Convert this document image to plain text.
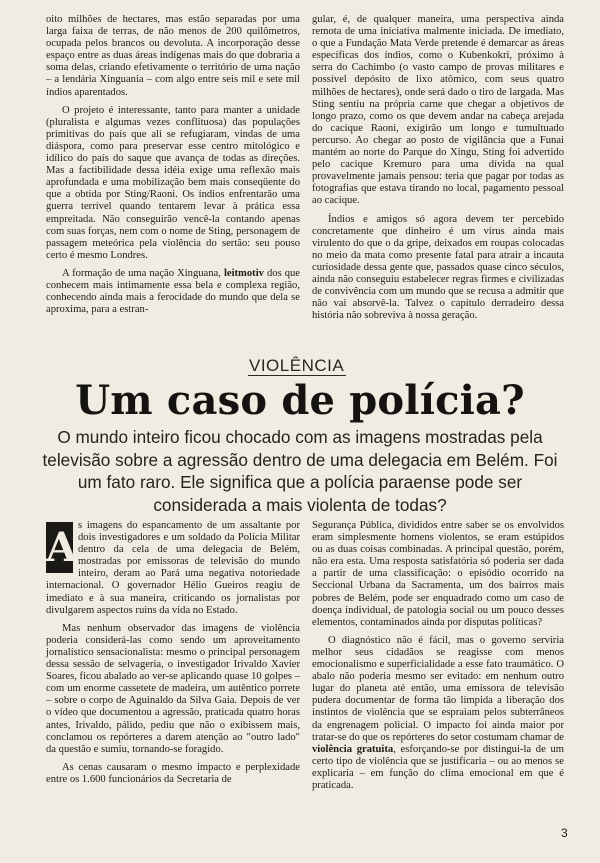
oito milhões de hectares, mas estão separadas por uma larga faixa de terras, de não menos de 200 quilômetros, ocupada pelos brancos ou devoluta. A incorporação desse espaço entre as duas áreas indígenas mais do que dobraria a soma delas, criando efetivamente o território de uma nação – a lendária Xinguania – com algo entre seis mil e sete mil índios aparentados.

O projeto é interessante, tanto para manter a unidade (pluralista e algumas vezes conflituosa) das populações primitivas do país que ali se refugiaram, vindas de uma diáspora, como para preservar esse centro mitológico e idílico do país do saque que avança de todas as direções. Mas a factibilidade dessa idéia exige uma reflexão mais aprofundada e uma mobilização bem mais conseqüente do que a obtida por Sting/Raoni. Os índios enfrentarão uma guerra terrível quando tentarem levar à prática essa empreitada. Não conseguirão vencê-la contando apenas com suas forças, nem com o nome de Sting, personagem de passagem meteórica pela violência do sertão: seu pouso certo é mesmo Londres.

A formação de uma nação Xinguana, leitmotiv dos que conhecem mais intimamente essa bela e complexa região, conhecendo ainda mais a ferocidade do mundo que dela se aproxima, para a estran-

gular, é, de qualquer maneira, uma perspectiva ainda remota de uma iniciativa malmente iniciada. De imediato, o que a Fundação Mata Verde pretende é demarcar as áreas específicas dos índios, como o Kubenkokri, próximo à serra do Cachimbo (o vasto campo de provas militares e possível depósito de lixo atômico, com seus quatro milhões de hectares), onde será dado o tiro de largada. Mas Sting sentiu na própria carne que chegar a objetivos de longo prazo, como os que devem andar na cabeça arejada do cacique Raoni, exigirão um longo e tumultuado percurso. Ao chegar ao posto de vigilância que a Funai mantém ao norte do Parque do Xingu, Sting foi advertido pelo cacique Kremuro para uma dívida na qual provavelmente jamais pensou: teria que pagar por todas as fotografias que estava tirando no local, pagamento pessoal ao cacique.

Índios e amigos só agora devem ter percebido concretamente que dinheiro é um vírus ainda mais virulento do que o da gripe, deixados em roupas colocadas no meio da mata como presente fatal para atrair a incauta curiosidade dessa gente que, passados quase cinco séculos, ainda não conseguiu estabelecer regras firmes e civilizadas de convivência com um mundo que se recusa a admitir que não vai absorvê-la. Talvez o capítulo derradeiro dessa história não sobreviva à nossa geração.

VIOLÊNCIA
Um caso de polícia?

O mundo inteiro ficou chocado com as imagens mostradas pela televisão sobre a agressão dentro de uma delegacia em Belém. Foi um fato raro. Ele significa que a polícia paraense pode ser considerada a mais violenta de todas?

A s imagens do espancamento de um assaltante por dois investigadores e um soldado da Polícia Militar dentro da cela de uma delegacia de Belém, mostradas por emissoras de televisão do mundo inteiro, deram ao Pará uma negativa notoriedade internacional. O governador Hélio Gueiros reagiu de imediato e à sua maneira, criticando os jornalistas por divulgarem aspectos ruins da vida no Estado.

Mas nenhum observador das imagens de violência poderia considerá-las como sendo um aproveitamento jornalístico sensacionalista: mesmo o principal personagem dessa sessão de selvageria, o investigador Irivaldo Xavier Soares, ficou abalado ao ver-se aplicando quase 10 golpes – com um enorme cassetete de madeira, um autêntico porrete – sobre o corpo de Aguinaldo da Silva Gaia. Depois de ver o vídeo que documentou a agressão, praticada quatro horas antes, Irivaldo, pálido, pediu que não o exibissem mais, conclamou os repórteres a darem atenção ao "outro lado" da questão e sumiu, tornando-se foragido.

As cenas causaram o mesmo impacto e perplexidade entre os 1.600 funcionários da Secretaria de

Segurança Pública, divididos entre saber se os envolvidos eram simplesmente homens violentos, se eram estúpidos ou as duas coisas combinadas. A principal questão, porém, não era esta. Uma resposta satisfatória só poderia ser dada a partir de uma classificação: o episódio ocorrido na Seccional Urbana da Sacramenta, um dos bairros mais pobres de Belém, pode ser enquadrado como um caso de doença individual, de patologia social ou um pouco desses elementos, contaminados ainda por disputas políticas?

O diagnóstico não é fácil, mas o governo serviria melhor seus cidadãos se reagisse com menos emocionalismo e superficialidade a esse fato traumático. O abalo não poderia mesmo ser evitado: em nenhum outro lugar do planeta até então, uma emissora de televisão pudera documentar de forma tão límpida a liberação dos instintos de violência que se espraiam pelos subterrâneos da engrenagem policial. O impacto foi ainda maior por tratar-se do que os repórteres do setor costumam chamar de violência gratuita, esforçando-se por distingui-la de um certo tipo de violência que se justificaria – ou ao menos se explicaria – em função do clima emocional em que é praticada.

3
